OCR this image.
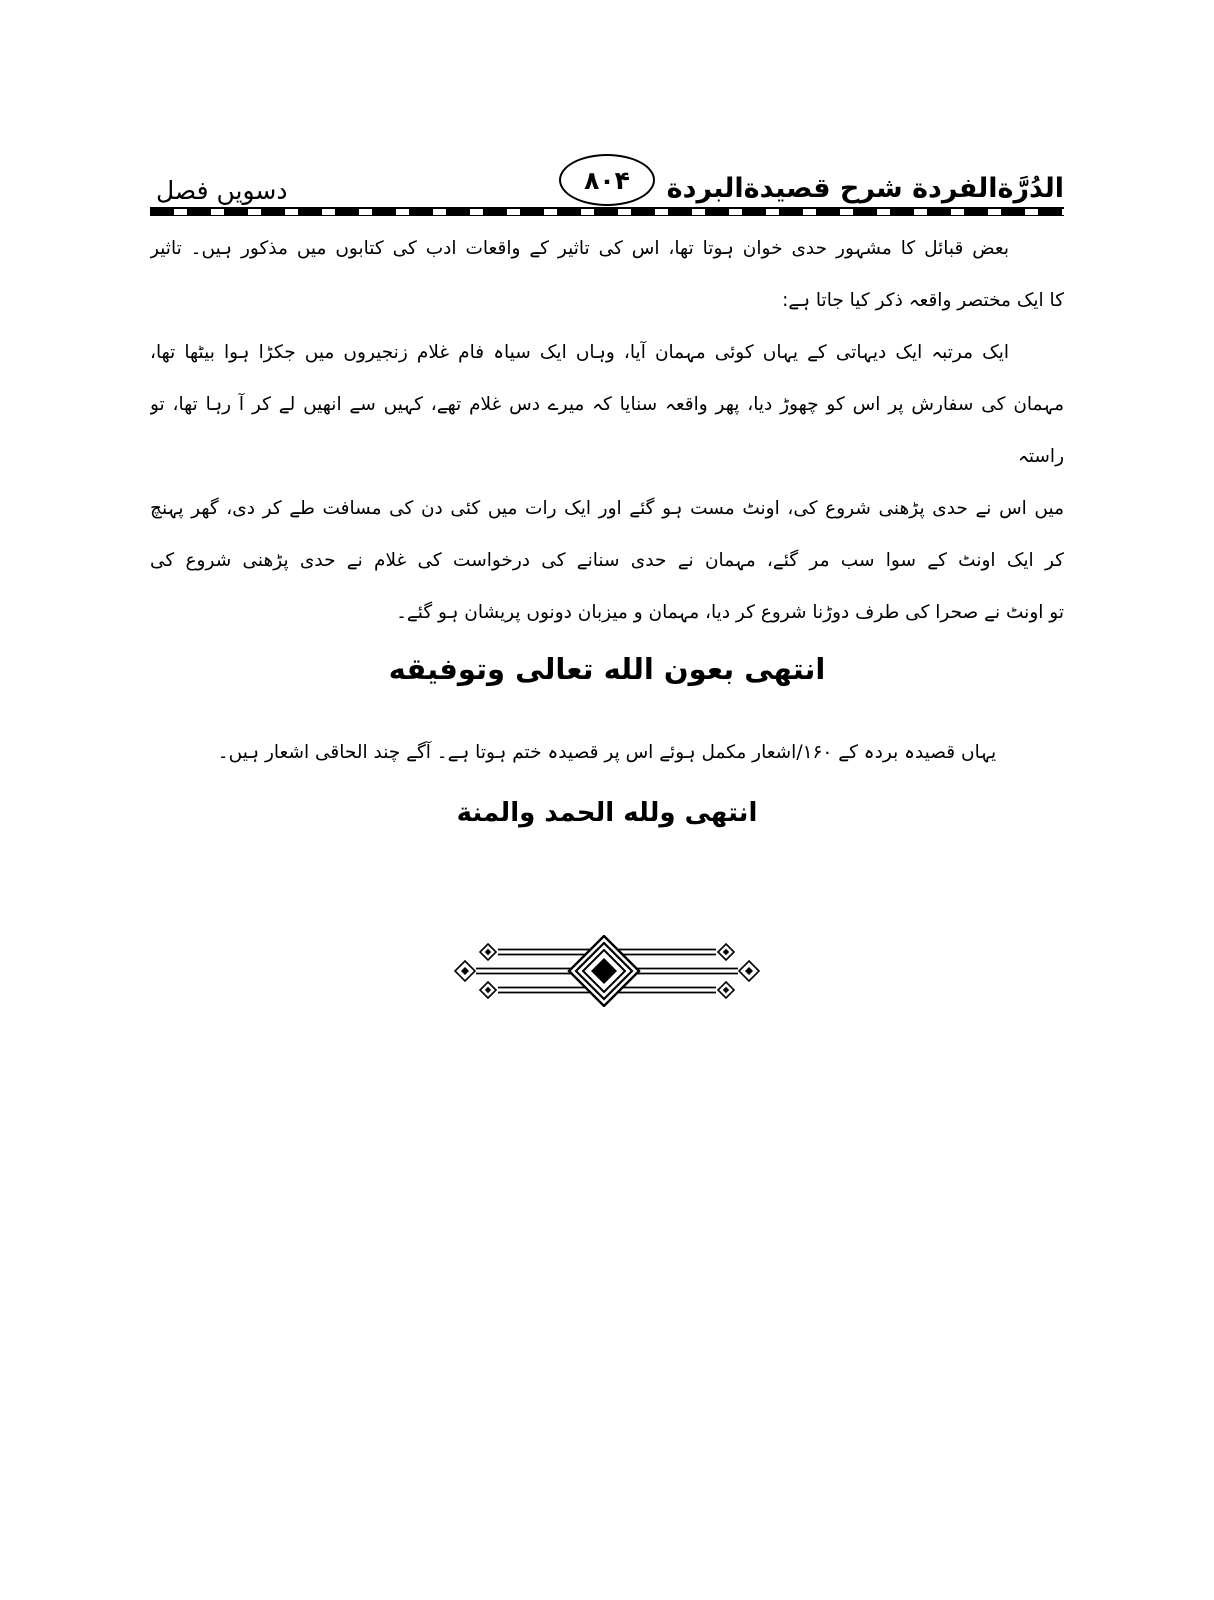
الدُرَّةالفردة شرح قصيدةالبردة
۸۰۴
دسویں فصل

بعض قبائل کا مشہور حدی خوان ہوتا تھا، اس کی تاثیر کے واقعات ادب کی کتابوں میں مذکور ہیں۔ تاثیر

کا ایک مختصر واقعہ ذکر کیا جاتا ہے:

ایک مرتبہ ایک دیہاتی کے یہاں کوئی مہمان آیا، وہاں ایک سیاہ فام غلام زنجیروں میں جکڑا ہوا بیٹھا تھا،

مہمان کی سفارش پر اس کو چھوڑ دیا، پھر واقعہ سنایا کہ میرے دس غلام تھے، کہیں سے انھیں لے کر آ رہا تھا، تو راستہ

میں اس نے حدی پڑھنی شروع کی، اونٹ مست ہو گئے اور ایک رات میں کئی دن کی مسافت طے کر دی، گھر پہنچ

کر ایک اونٹ کے سوا سب مر گئے، مہمان نے حدی سنانے کی درخواست کی غلام نے حدی پڑھنی شروع کی

تو اونٹ نے صحرا کی طرف دوڑنا شروع کر دیا، مہمان و میزبان دونوں پریشان ہو گئے۔

انتهى بعون الله تعالى وتوفيقه

یہاں قصیدہ بردہ کے ۱۶۰/اشعار مکمل ہوئے اس پر قصیدہ ختم ہوتا ہے۔ آگے چند الحاقی اشعار ہیں۔

انتهى ولله الحمد والمنة
